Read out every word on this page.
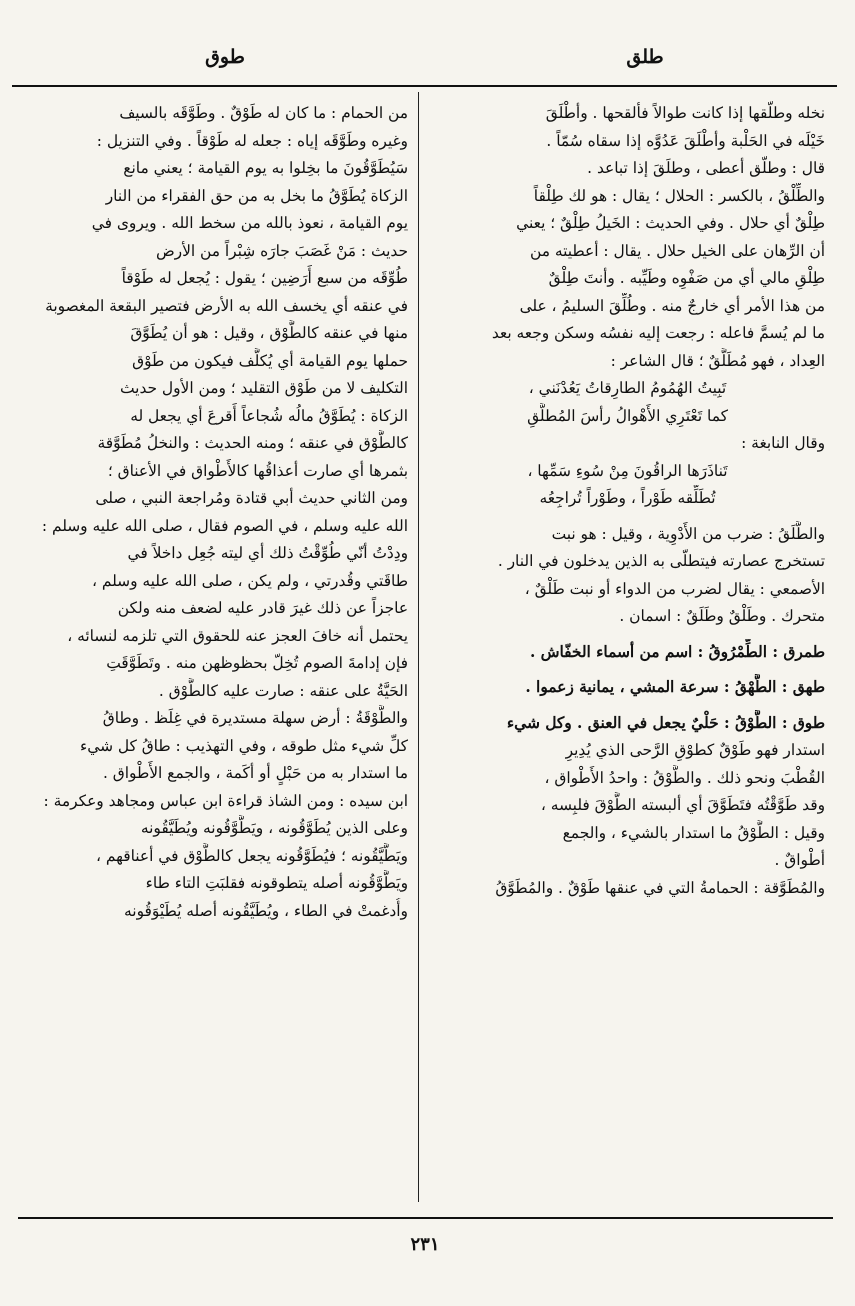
طلق
طوق
نخله وطلّقها إذا كانت طوالاً فألقحها . وأطْلَقَ
خَيْلَه في الحَلْبة وأطْلَقَ عَدُوَّه إذا سقاه سُمّاً .
قال : وطلّق أعطى ، وطلَقَ إذا تباعد .
والطِّلْقُ ، بالكسر : الحلال ؛ يقال : هو لك طِلْقاً
طِلْقٌ أي حلال . وفي الحديث : الخَيلُ طِلْقٌ ؛ يعني
أن الرِّهان على الخيل حلال . يقال : أعطيته من
طِلْقِ مالي أي من صَفْوِه وطَيِّبه . وأنتَ طِلْقٌ
من هذا الأمر أي خارجٌ منه . وطُلِّقَ السليمُ ، على
ما لم يُسمَّ فاعله : رجعت إليه نفسُه وسكن وجعه بعد
العِداد ، فهو مُطَلَّقٌ ؛ قال الشاعر :
تَبِيتُ الهُمُومُ الطارِقاتُ يَعُدْنَني ،
كما تَعْتَرِي الأَهْوالُ رأسَ المُطلَّقِ
وقال النابغة :
تَناذَرَها الراقُونَ مِنْ سُوءِ سَمِّها ،
تُطَلِّقه طَوْراً ، وطَوْراً تُراجِعُه
والطَّلَقُ : ضرب من الأَدْوِية ، وقيل : هو نبت
تستخرج عصارته فيتطلّى به الذين يدخلون في النار .
الأصمعي : يقال لضرب من الدواء أو نبت طَلْقٌ ،
متحرك . وطَلْقٌ وطَلَقٌ : اسمان .
طمرق : الطِّمْرُوقُ : اسم من أسماء الخفّاش .
طهق : الطَّهْقُ : سرعة المشي ، يمانية زعموا .
طوق : الطَّوْقُ : حَلْيٌ يجعل في العنق . وكل شيء
استدار فهو طَوْقٌ كطوْقِ الرَّحى الذي يُدِيرِ
القُطْبَ ونحو ذلك . والطَّوْقُ : واحدُ الأَطْواق ،
وقد طَوَّقْتُه فتَطَوَّقَ أي ألبسته الطَّوْقَ فلبِسه ،
وقيل : الطَّوْقُ ما استدار بالشيء ، والجمع
أطْواقٌ .
والمُطَوَّقة : الحمامةُ التي في عنقها طَوْقٌ . والمُطَوَّقُ
من الحمام : ما كان له طَوْقٌ . وطَوَّقَه بالسيف
وغيره وطَوَّقَه إياه : جعله له طَوْقاً . وفي التنزيل :
سَيُطَوَّقُونَ ما بخِلوا به يوم القيامة ؛ يعني مانع
الزكاة يُطَوَّقُ ما بخل به من حق الفقراء من النار
يوم القيامة ، نعوذ بالله من سخط الله . ويروى في
حديث : مَنْ غَصَبَ جارَه شِبْراً من الأرض
طُوِّقَه من سبع أَرَضِين ؛ يقول : يُجعل له طَوْقاً
في عنقه أي يخسف الله به الأرض فتصير البقعة المغصوبة
منها في عنقه كالطَّوْق ، وقيل : هو أن يُطَوَّقَ
حملها يوم القيامة أي يُكلَّف فيكون من طَوْق
التكليف لا من طَوْق التقليد ؛ ومن الأول حديث
الزكاة : يُطَوَّقُ مالُه شُجاعاً أَقرعَ أي يجعل له
كالطَّوْق في عنقه ؛ ومنه الحديث : والنخلُ مُطَوَّقة
بثمرها أي صارت أعذاقُها كالأَطْواق في الأعناق ؛
ومن الثاني حديث أبي قتادة ومُراجعة النبي ، صلى
الله عليه وسلم ، في الصوم فقال ، صلى الله عليه وسلم :
ودِدْتُ أنّي طُوِّقْتُ ذلك أي ليته جُعِل داخلاً في
طاقَتي وقُدرتي ، ولم يكن ، صلى الله عليه وسلم ،
عاجزاً عن ذلك غيرَ قادر عليه لضعف منه ولكن
يحتمل أنه خافَ العجز عنه للحقوق التي تلزمه لنسائه ،
فإن إدامةَ الصوم تُخِلّ بحظوظهن منه . وتَطَوَّقَتِ
الحَيَّةُ على عنقه : صارت عليه كالطَّوْق .
والطَّوْقَةُ : أرض سهلة مستديرة في غِلَظ . وطاقُ
كلِّ شيء مثل طوقه ، وفي التهذيب : طاقُ كل شيء
ما استدار به من حَبْلٍ أو أكَمة ، والجمع الأَطْواق .
ابن سيده : ومن الشاذ قراءة ابن عباس ومجاهد وعكرمة :
وعلى الذين يُطَوَّقُونه ، ويَطَّوَّقُونه ويُطَيَّقُونه
ويَطَّيَّقُونه ؛ فيُطَوَّقُونه يجعل كالطَّوْق في أعناقهم ،
ويَطَّوَّقُونه أصله يتطوقونه فقلبَتِ التاء طاء
وأُدغمتْ في الطاء ، ويُطَيَّقُونه أصله يُطَيْوَقُونه
٢٣١
